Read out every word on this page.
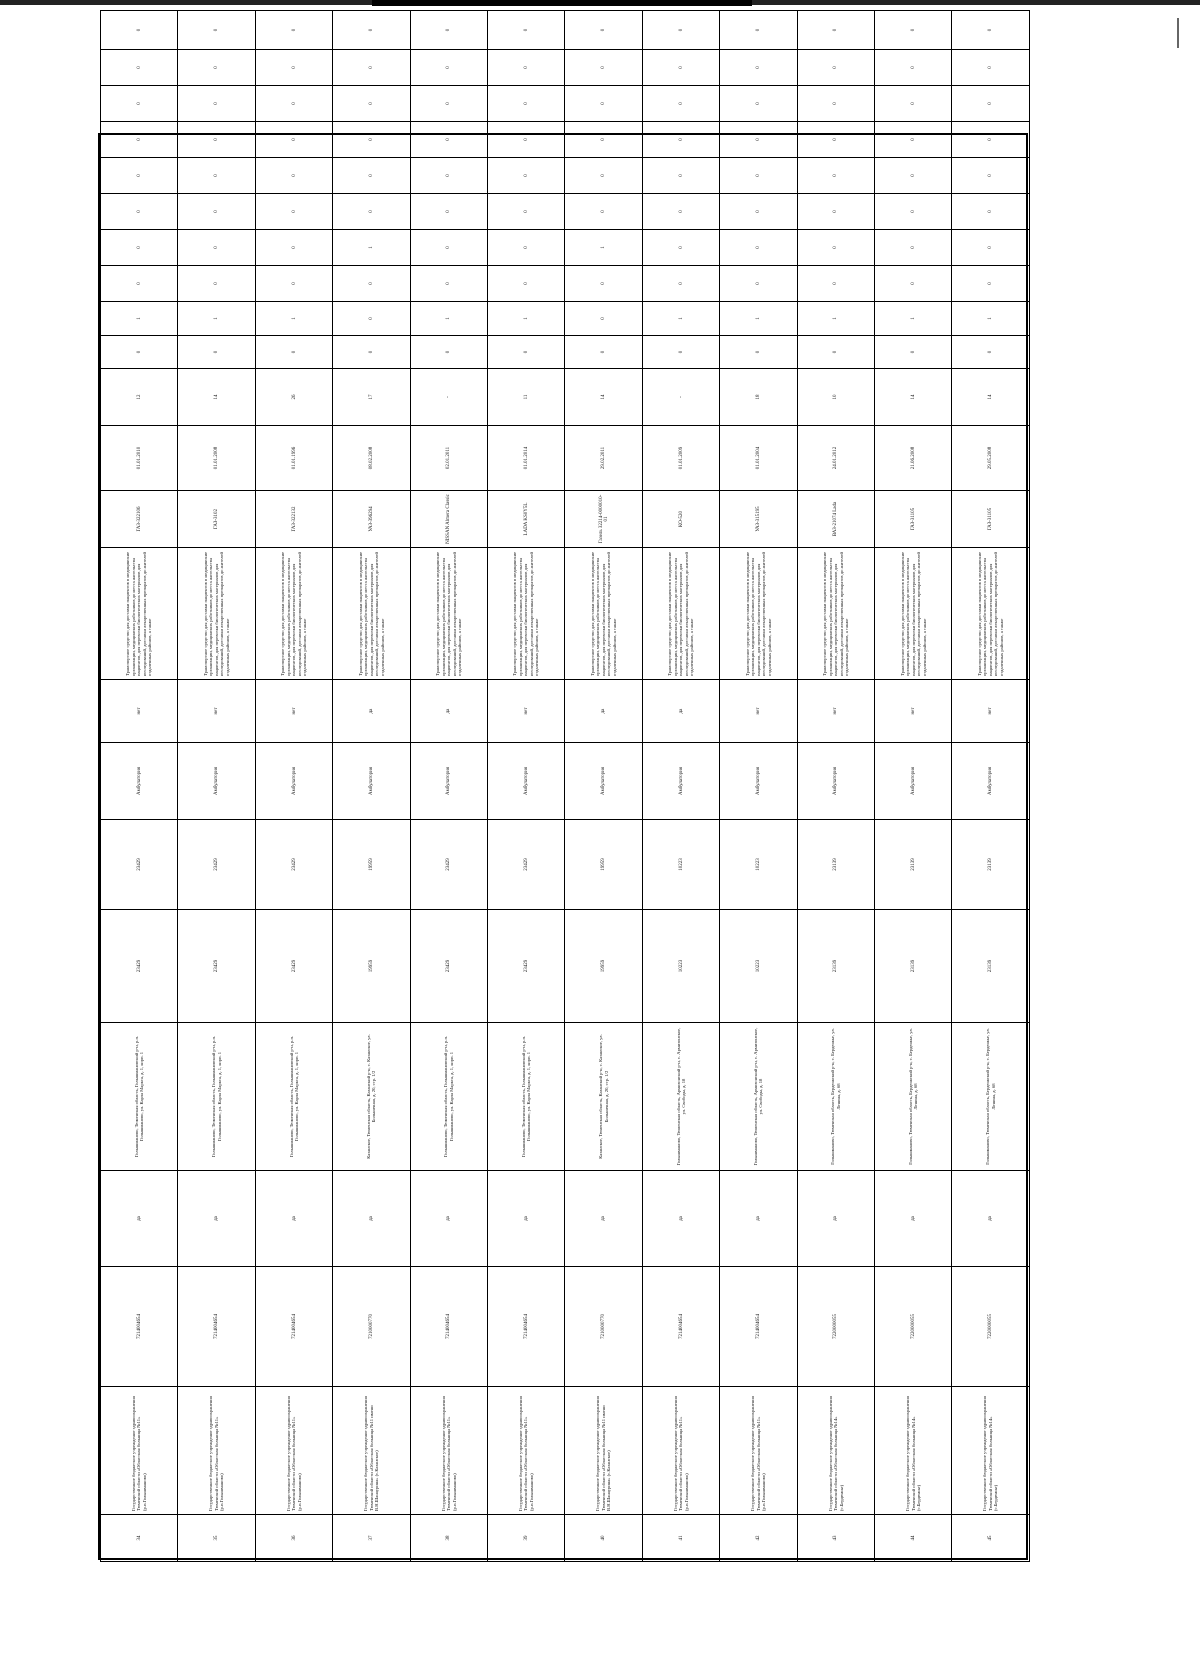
34	Государственное бюджетное учреждение здравоохранения Тюменской области «Областная больница №11» (р.п.Голышманово)	7214004654	да	Голышманово, Тюменская область, Голышмановский р-н, р.п. Голышманово, ул. Карла Маркса, д. 1, корп. 1	23429	23429	Амбулатория	нет	Транспортное средство для доставки пациентов в медицинские организации, медицинских работников до места жительства пациентов, для перевозки биологических материалов для исследований, доставки лекарственных препаратов до жителей отдаленных районов, а также	ГАЗ-322106	01.01.2010	12	0	1	0	0	0	0	0	0	0	0
35	Государственное бюджетное учреждение здравоохранения Тюменской области «Областная больница №11» (р.п.Голышманово)	7214004654	да	Голышманово, Тюменская область, Голышмановский р-н, р.п. Голышманово, ул. Карла Маркса, д. 1, корп. 1	23429	23429	Амбулатория	нет	Транспортное средство для доставки пациентов в медицинские организации, медицинских работников до места жительства пациентов, для перевозки биологических материалов для исследований, доставки лекарственных препаратов до жителей отдаленных районов, а также	ГАЗ-3102	01.01.2008	14	0	1	0	0	0	0	0	0	0	0
36	Государственное бюджетное учреждение здравоохранения Тюменской области «Областная больница №11» (р.п.Голышманово)	7214004654	да	Голышманово, Тюменская область, Голышмановский р-н, р.п. Голышманово, ул. Карла Маркса, д. 1, корп. 1	23429	23429	Амбулатория	нет	Транспортное средство для доставки пациентов в медицинские организации, медицинских работников до места жительства пациентов, для перевозки биологических материалов для исследований, доставки лекарственных препаратов до жителей отдаленных районов, а также	ГАЗ-322132	01.01.1996	26	0	1	0	0	0	0	0	0	0	0
37	Государственное бюджетное учреждение здравоохранения Тюменской области «Областная больница №11 имени В.Н.Шанаурина» (с.Казанское)	7210000770	да	Казанское, Тюменская область, Казанский р-н, с. Казанское, ул. Больничная, д. 20, стр. 1/2	19959	19959	Амбулатория	да	Транспортное средство для доставки пациентов в медицинские организации, медицинских работников до места жительства пациентов, для перевозки биологических материалов для исследований, доставки лекарственных препаратов до жителей отдаленных районов, а также	УАЗ-396294	08.02.2008	17	0	0	0	1	0	0	0	0	0	0
38	Государственное бюджетное учреждение здравоохранения Тюменской области «Областная больница №11» (р.п.Голышманово)	7214004654	да	Голышманово, Тюменская область, Голышмановский р-н, р.п. Голышманово, ул. Карла Маркса, д. 1, корп. 1	23429	23429	Амбулатория	да	Транспортное средство для доставки пациентов в медицинские организации, медицинских работников до места жительства пациентов, для перевозки биологических материалов для исследований, доставки лекарственных препаратов до жителей отдаленных районов, а также	NISSAN Almera Classic	02.01.2011	-	0	1	0	0	0	0	0	0	0	0
39	Государственное бюджетное учреждение здравоохранения Тюменской области «Областная больница №11» (р.п.Голышманово)	7214004654	да	Голышманово, Тюменская область, Голышмановский р-н, р.п. Голышманово, ул. Карла Маркса, д. 1, корп. 1	23429	23429	Амбулатория	нет	Транспортное средство для доставки пациентов в медицинские организации, медицинских работников до места жительства пациентов, для перевозки биологических материалов для исследований, доставки лекарственных препаратов до жителей отдаленных районов, а также	LADA KS0Y5L	01.01.2014	11	0	1	0	0	0	0	0	0	0	0
40	Государственное бюджетное учреждение здравоохранения Тюменской области «Областная больница №11 имени В.Н.Шанаурина» (с.Казанское)	7210000770	да	Казанское, Тюменская область, Казанский р-н, с. Казанское, ул. Больничная, д. 20, стр. 1/2	19959	19959	Амбулатория	да	Транспортное средство для доставки пациентов в медицинские организации, медицинских работников до места жительства пациентов, для перевозки биологических материалов для исследований, доставки лекарственных препаратов до жителей отдаленных районов, а также	Газель 32214-0000010-01	29.02.2011	14	0	0	0	1	0	0	0	0	0	0
41	Государственное бюджетное учреждение здравоохранения Тюменской области «Областная больница №11» (р.п.Голышманово)	7214004654	да	Голышманово, Тюменская область, Армизонский р-н, с. Армизонское, ул. Свободы, д. 18	10223	10223	Амбулатория	да	Транспортное средство для доставки пациентов в медицинские организации, медицинских работников до места жительства пациентов, для перевозки биологических материалов для исследований, доставки лекарственных препаратов до жителей отдаленных районов, а также	КО-520	01.01.2009	-	0	1	0	0	0	0	0	0	0	0
42	Государственное бюджетное учреждение здравоохранения Тюменской области «Областная больница №11» (р.п.Голышманово)	7214004654	да	Голышманово, Тюменская область, Армизонский р-н, с. Армизонское, ул. Свободы, д. 18	10223	10223	Амбулатория	нет	Транспортное средство для доставки пациентов в медицинские организации, медицинских работников до места жительства пациентов, для перевозки биологических материалов для исследований, доставки лекарственных препаратов до жителей отдаленных районов, а также	УАЗ-315195	01.01.2004	18	0	1	0	0	0	0	0	0	0	0
43	Государственное бюджетное учреждение здравоохранения Тюменской области «Областная больница №14» (с.Бердюжье)	7220000055	да	Голышманово, Тюменская область, Бердюжский р-н, с. Бердюжье, ул. Ленина, д. 68	23139	23139	Амбулатория	нет	Транспортное средство для доставки пациентов в медицинские организации, медицинских работников до места жительства пациентов, для перевозки биологических материалов для исследований, доставки лекарственных препаратов до жителей отдаленных районов, а также	ВАЗ-21074 Lada	24.01.2012	10	0	1	0	0	0	0	0	0	0	0
44	Государственное бюджетное учреждение здравоохранения Тюменской области «Областная больница №14» (с.Бердюжье)	7220000055	да	Голышманово, Тюменская область, Бердюжский р-н, с. Бердюжье, ул. Ленина, д. 68	23139	23139	Амбулатория	нет	Транспортное средство для доставки пациентов в медицинские организации, медицинских работников до места жительства пациентов, для перевозки биологических материалов для исследований, доставки лекарственных препаратов до жителей отдаленных районов, а также	ГАЗ-31105	21.06.2008	14	0	1	0	0	0	0	0	0	0	0
45	Государственное бюджетное учреждение здравоохранения Тюменской области «Областная больница №14» (с.Бердюжье)	7220000055	да	Голышманово, Тюменская область, Бердюжский р-н, с. Бердюжье, ул. Ленина, д. 68	23139	23139	Амбулатория	нет	Транспортное средство для доставки пациентов в медицинские организации, медицинских работников до места жительства пациентов, для перевозки биологических материалов для исследований, доставки лекарственных препаратов до жителей отдаленных районов, а также	ГАЗ-31105	29.05.2008	14	0	1	0	0	0	0	0	0	0	0
